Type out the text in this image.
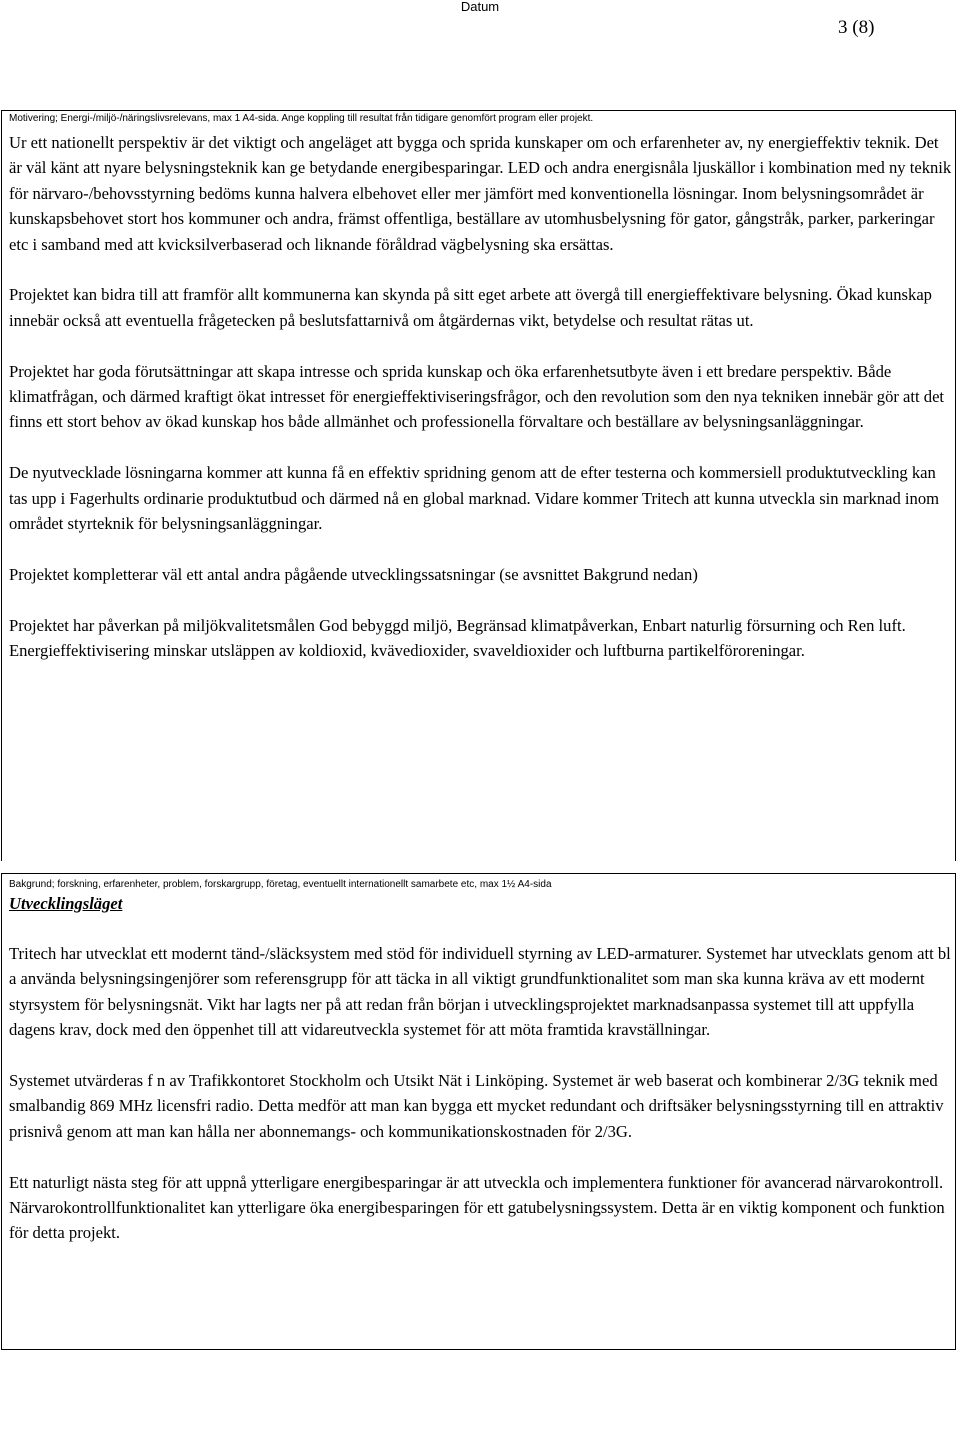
Datum
3 (8)
Motivering; Energi-/miljö-/näringslivsrelevans, max 1 A4-sida. Ange koppling till resultat från tidigare genomfört program eller projekt.

Ur ett nationellt perspektiv är det viktigt och angeläget att bygga och sprida kunskaper om och erfarenheter av, ny energieffektiv teknik. Det är väl känt att nyare belysningsteknik kan ge betydande energibesparingar. LED och andra energisnåla ljuskällor i kombination med ny teknik för närvaro-/behovsstyrning bedöms kunna halvera elbehovet eller mer jämfört med konventionella lösningar. Inom belysningsområdet är kunskapsbehovet stort hos kommuner och andra, främst offentliga, beställare av utomhusbelysning för gator, gångstråk, parker, parkeringar etc i samband med att kvicksilverbaserad och liknande föråldrad vägbelysning ska ersättas.

Projektet kan bidra till att framför allt kommunerna kan skynda på sitt eget arbete att övergå till energieffektivare belysning. Ökad kunskap innebär också att eventuella frågetecken på beslutsfattarnivå om åtgärdernas vikt, betydelse och resultat rätas ut.

Projektet har goda förutsättningar att skapa intresse och sprida kunskap och öka erfarenhetsutbyte även i ett bredare perspektiv. Både klimatfrågan, och därmed kraftigt ökat intresset för energieffektiviseringsfrågor, och den revolution som den nya tekniken innebär gör att det finns ett stort behov av ökad kunskap hos både allmänhet och professionella förvaltare och beställare av belysningsanläggningar.

De nyutvecklade lösningarna kommer att kunna få en effektiv spridning genom att de efter testerna och kommersiell produktutveckling kan tas upp i Fagerhults ordinarie produktutbud och därmed nå en global marknad. Vidare kommer Tritech att kunna utveckla sin marknad inom området styrteknik för belysningsanläggningar.

Projektet kompletterar väl ett antal andra pågående utvecklingssatsningar (se avsnittet Bakgrund nedan)

Projektet har påverkan på miljökvalitetsmålen God bebyggd miljö, Begränsad klimatpåverkan, Enbart naturlig försurning och Ren luft. Energieffektivisering minskar utsläppen av koldioxid, kvävedioxider, svaveldioxider och luftburna partikelföroreningar.

Bakgrund; forskning, erfarenheter, problem, forskargrupp, företag, eventuellt internationellt samarbete etc, max 1½ A4-sida
Utvecklingsläget

Tritech har utvecklat ett modernt tänd-/släcksystem med stöd för individuell styrning av LED-armaturer. Systemet har utvecklats genom att bl a använda belysningsingenjörer som referensgrupp för att täcka in all viktigt grundfunktionalitet som man ska kunna kräva av ett modernt styrsystem för belysningsnät. Vikt har lagts ner på att redan från början i utvecklingsprojektet marknadsanpassa systemet till att uppfylla dagens krav, dock med den öppenhet till att vidareutveckla systemet för att möta framtida kravställningar.

Systemet utvärderas f n av Trafikkontoret Stockholm och Utsikt Nät i Linköping. Systemet är web baserat och kombinerar 2/3G teknik med smalbandig 869 MHz licensfri radio. Detta medför att man kan bygga ett mycket redundant och driftsäker belysningsstyrning till en attraktiv prisnivå genom att man kan hålla ner abonnemangs- och kommunikationskostnaden för 2/3G.

Ett naturligt nästa steg för att uppnå ytterligare energibesparingar är att utveckla och implementera funktioner för avancerad närvarokontroll. Närvarokontrollfunktionalitet kan ytterligare öka energibesparingen för ett gatubelysningssystem. Detta är en viktig komponent och funktion för detta projekt.
